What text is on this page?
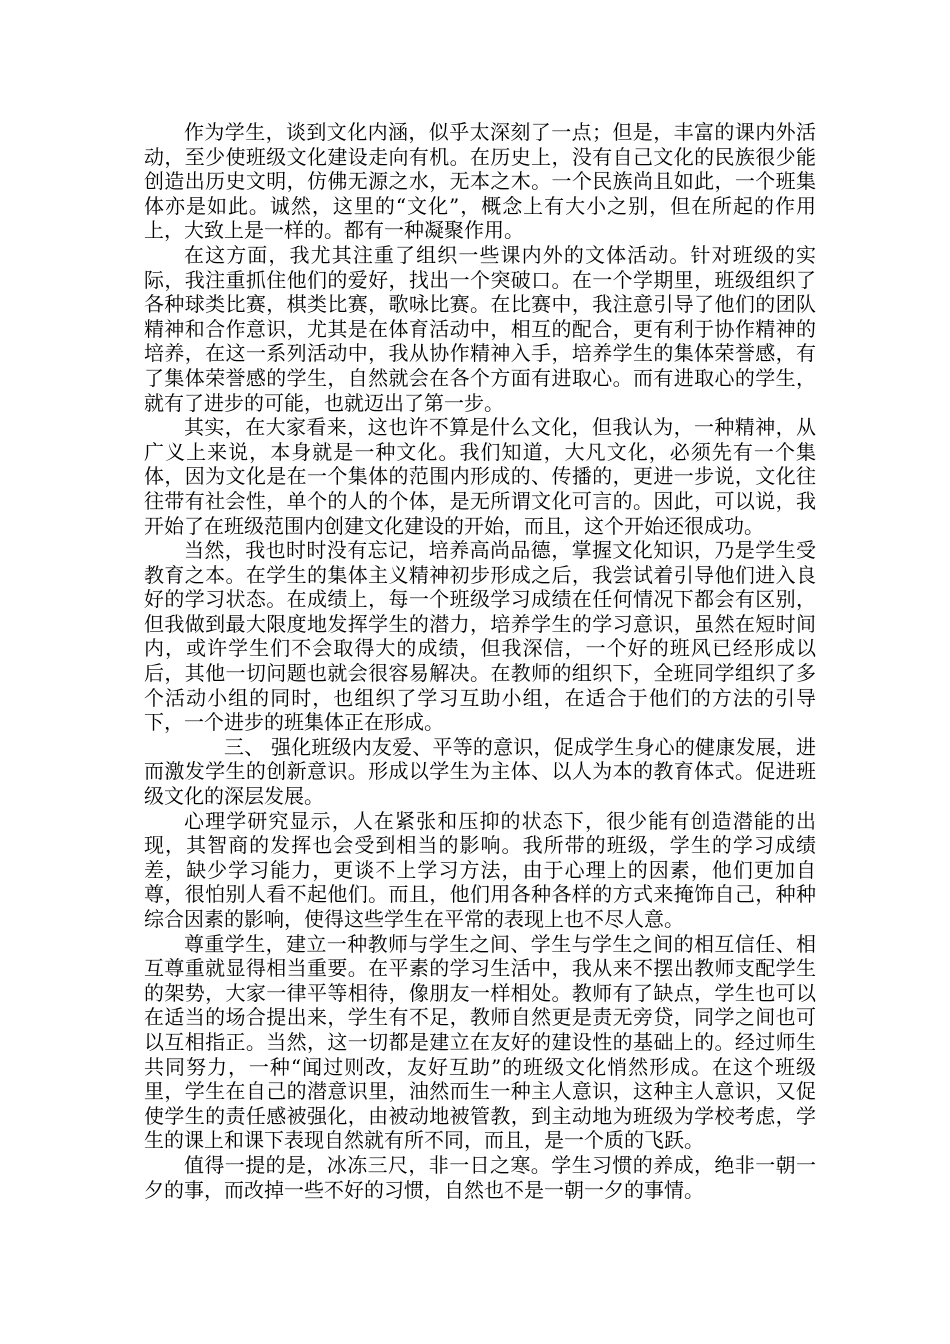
作为学生，谈到文化内涵，似乎太深刻了一点；但是，丰富的课内外活动，至少使班级文化建设走向有机。在历史上，没有自己文化的民族很少能创造出历史文明，仿佛无源之水，无本之木。一个民族尚且如此，一个班集体亦是如此。诚然，这里的“文化”，概念上有大小之别，但在所起的作用上，大致上是一样的。都有一种凝聚作用。

在这方面，我尤其注重了组织一些课内外的文体活动。针对班级的实际，我注重抓住他们的爱好，找出一个突破口。在一个学期里，班级组织了各种球类比赛，棋类比赛，歌咏比赛。在比赛中，我注意引导了他们的团队精神和合作意识，尤其是在体育活动中，相互的配合，更有利于协作精神的培养，在这一系列活动中，我从协作精神入手，培养学生的集体荣誉感，有了集体荣誉感的学生，自然就会在各个方面有进取心。而有进取心的学生，就有了进步的可能，也就迈出了第一步。

其实，在大家看来，这也许不算是什么文化，但我认为，一种精神，从广义上来说，本身就是一种文化。我们知道，大凡文化，必须先有一个集体，因为文化是在一个集体的范围内形成的、传播的，更进一步说，文化往往带有社会性，单个的人的个体，是无所谓文化可言的。因此，可以说，我开始了在班级范围内创建文化建设的开始，而且，这个开始还很成功。

当然，我也时时没有忘记，培养高尚品德，掌握文化知识，乃是学生受教育之本。在学生的集体主义精神初步形成之后，我尝试着引导他们进入良好的学习状态。在成绩上，每一个班级学习成绩在任何情况下都会有区别，但我做到最大限度地发挥学生的潜力，培养学生的学习意识，虽然在短时间内，或许学生们不会取得大的成绩，但我深信，一个好的班风已经形成以后，其他一切问题也就会很容易解决。在教师的组织下，全班同学组织了多个活动小组的同时，也组织了学习互助小组，在适合于他们的方法的引导下，一个进步的班集体正在形成。

三、 强化班级内友爱、平等的意识，促成学生身心的健康发展，进而激发学生的创新意识。形成以学生为主体、以人为本的教育体式。促进班级文化的深层发展。

心理学研究显示，人在紧张和压抑的状态下，很少能有创造潜能的出现，其智商的发挥也会受到相当的影响。我所带的班级，学生的学习成绩差，缺少学习能力，更谈不上学习方法，由于心理上的因素，他们更加自尊，很怕别人看不起他们。而且，他们用各种各样的方式来掩饰自己，种种综合因素的影响，使得这些学生在平常的表现上也不尽人意。

尊重学生，建立一种教师与学生之间、学生与学生之间的相互信任、相互尊重就显得相当重要。在平素的学习生活中，我从来不摆出教师支配学生的架势，大家一律平等相待，像朋友一样相处。教师有了缺点，学生也可以在适当的场合提出来，学生有不足，教师自然更是责无旁贷，同学之间也可以互相指正。当然，这一切都是建立在友好的建设性的基础上的。经过师生共同努力，一种“闻过则改，友好互助”的班级文化悄然形成。在这个班级里，学生在自己的潜意识里，油然而生一种主人意识，这种主人意识，又促使学生的责任感被强化，由被动地被管教，到主动地为班级为学校考虑，学生的课上和课下表现自然就有所不同，而且，是一个质的飞跃。

值得一提的是，冰冻三尺，非一日之寒。学生习惯的养成，绝非一朝一夕的事，而改掉一些不好的习惯，自然也不是一朝一夕的事情。
